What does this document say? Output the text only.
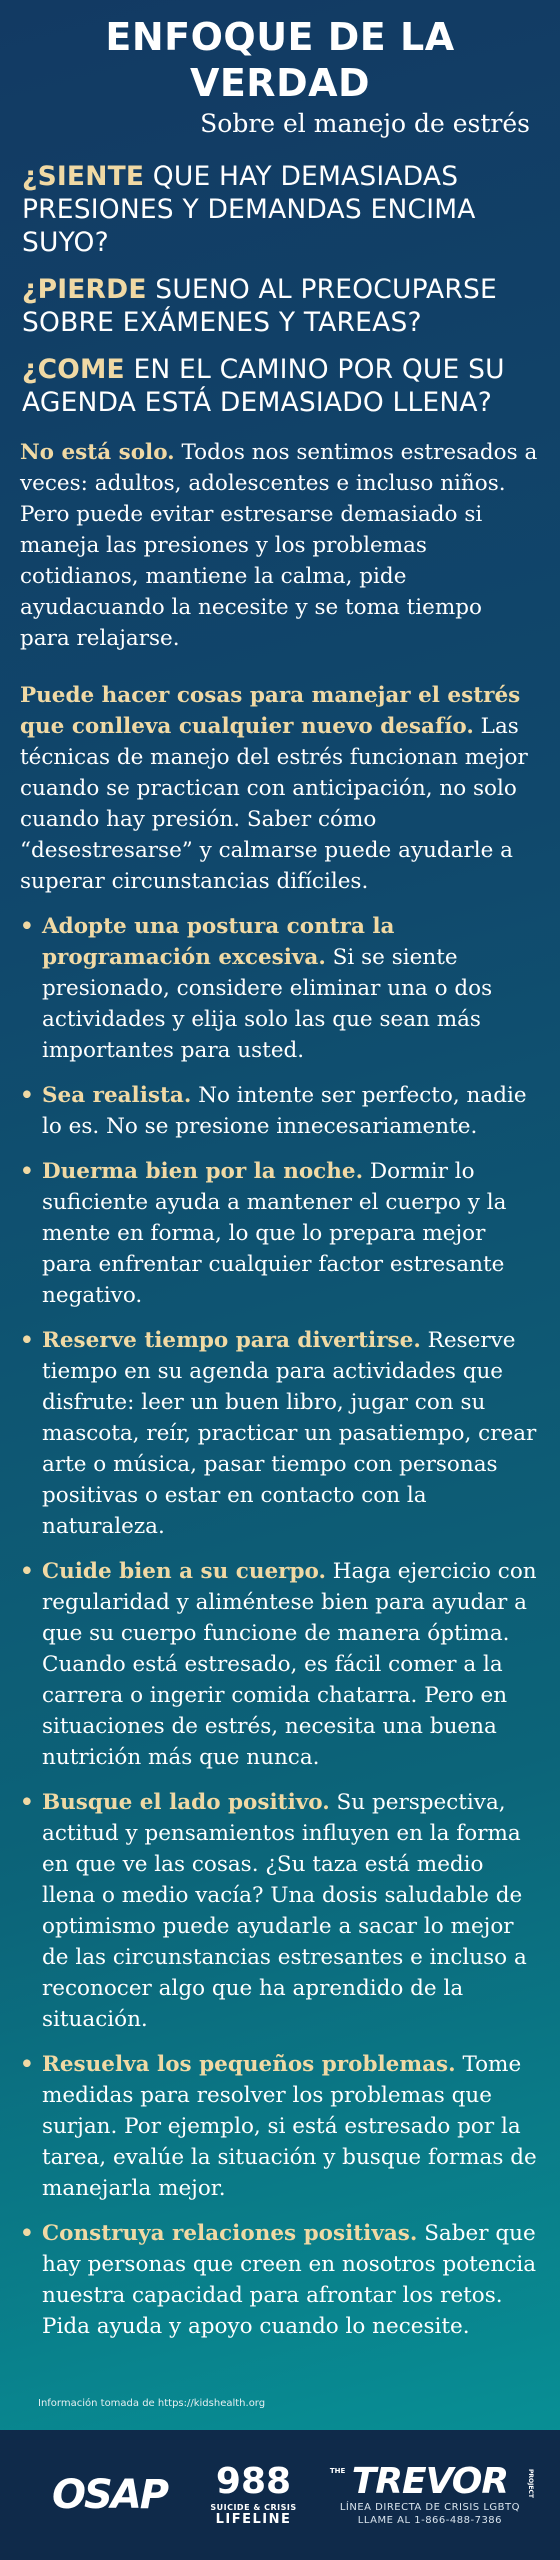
ENFOQUE DE LA VERDAD
Sobre el manejo de estrés

¿SIENTE QUE HAY DEMASIADAS PRESIONES Y DEMANDAS ENCIMA SUYO?

¿PIERDE SUENO AL PREOCUPARSE SOBRE EXÁMENES Y TAREAS?

¿COME EN EL CAMINO POR QUE SU AGENDA ESTÁ DEMASIADO LLENA?

No está solo. Todos nos sentimos estresados a veces: adultos, adolescentes e incluso niños. Pero puede evitar estresarse demasiado si maneja las presiones y los problemas cotidianos, mantiene la calma, pide ayudacuando la necesite y se toma tiempo para relajarse.

Puede hacer cosas para manejar el estrés que conlleva cualquier nuevo desafío. Las técnicas de manejo del estrés funcionan mejor cuando se practican con anticipación, no solo cuando hay presión. Saber cómo “desestresarse” y calmarse puede ayudarle a superar circunstancias difíciles.

• Adopte una postura contra la programación excesiva. Si se siente presionado, considere eliminar una o dos actividades y elija solo las que sean más importantes para usted.
• Sea realista. No intente ser perfecto, nadie lo es. No se presione innecesariamente.
• Duerma bien por la noche. Dormir lo suficiente ayuda a mantener el cuerpo y la mente en forma, lo que lo prepara mejor para enfrentar cualquier factor estresante negativo.
• Reserve tiempo para divertirse. Reserve tiempo en su agenda para actividades que disfrute: leer un buen libro, jugar con su mascota, reír, practicar un pasatiempo, crear arte o música, pasar tiempo con personas positivas o estar en contacto con la naturaleza.
• Cuide bien a su cuerpo. Haga ejercicio con regularidad y aliméntese bien para ayudar a que su cuerpo funcione de manera óptima. Cuando está estresado, es fácil comer a la carrera o ingerir comida chatarra. Pero en situaciones de estrés, necesita una buena nutrición más que nunca.
• Busque el lado positivo. Su perspectiva, actitud y pensamientos influyen en la forma en que ve las cosas. ¿Su taza está medio llena o medio vacía? Una dosis saludable de optimismo puede ayudarle a sacar lo mejor de las circunstancias estresantes e incluso a reconocer algo que ha aprendido de la situación.
• Resuelva los pequeños problemas. Tome medidas para resolver los problemas que surjan. Por ejemplo, si está estresado por la tarea, evalúe la situación y busque formas de manejarla mejor.
• Construya relaciones positivas. Saber que hay personas que creen en nosotros potencia nuestra capacidad para afrontar los retos. Pida ayuda y apoyo cuando lo necesite.
Información tomada de https://kidshealth.org
OSAP 988
SUICIDE & CRISIS
LIFELINE
THE TREVOR	PROJECT
LÍNEA DIRECTA DE CRISIS LGBTQ
LLAME AL 1-866-488-7386
